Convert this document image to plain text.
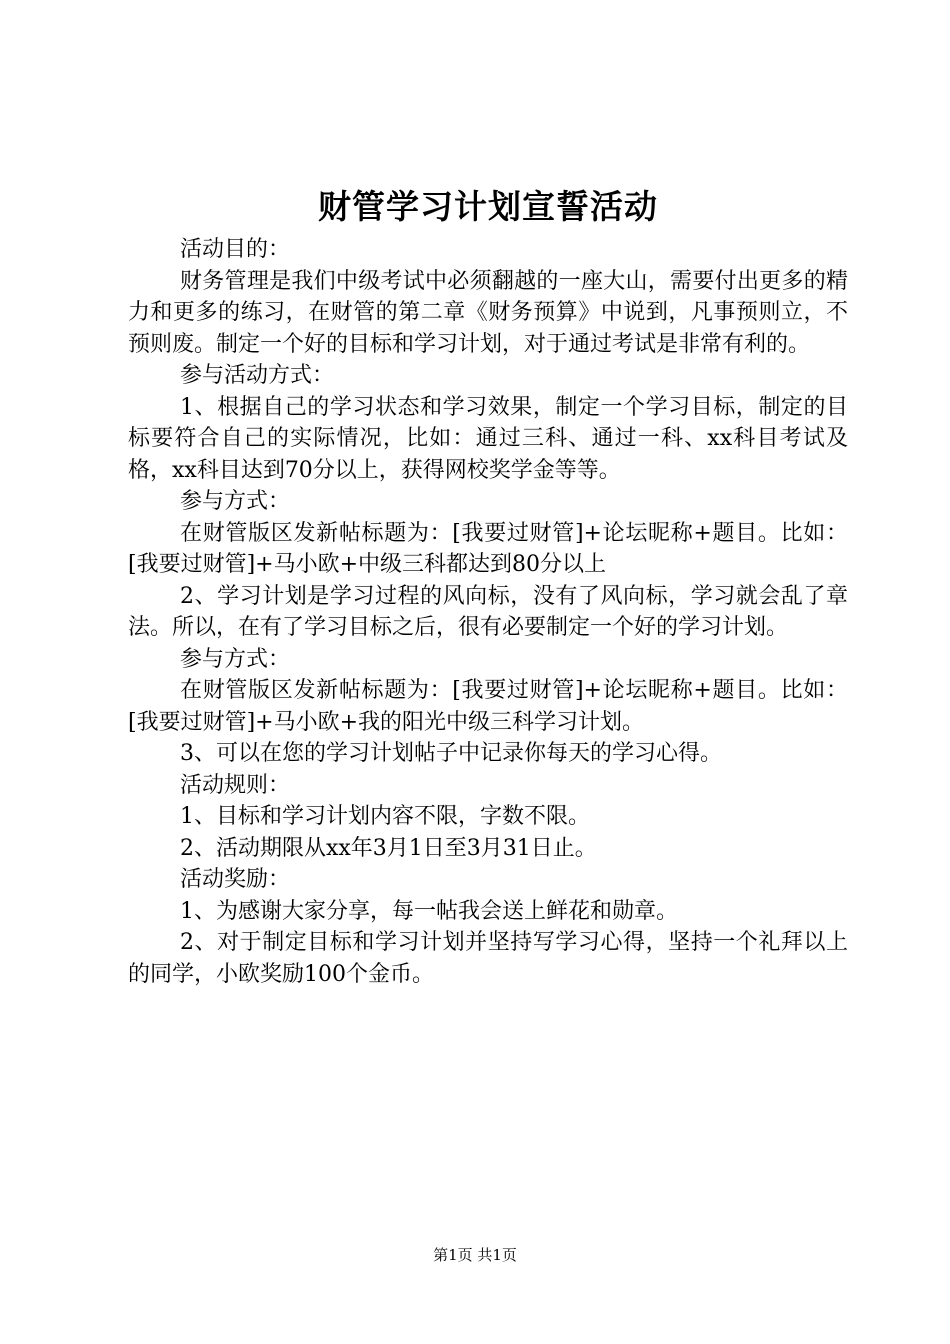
财管学习计划宣誓活动

活动目的：

财务管理是我们中级考试中必须翻越的一座大山，需要付出更多的精力和更多的练习，在财管的第二章《财务预算》中说到，凡事预则立，不预则废。制定一个好的目标和学习计划，对于通过考试是非常有利的。

参与活动方式：

1、根据自己的学习状态和学习效果，制定一个学习目标，制定的目标要符合自己的实际情况，比如：通过三科、通过一科、xx科目考试及格，xx科目达到70分以上，获得网校奖学金等等。

参与方式：

在财管版区发新帖标题为：[我要过财管]+论坛昵称+题目。比如：[我要过财管]+马小欧+中级三科都达到80分以上

2、学习计划是学习过程的风向标，没有了风向标，学习就会乱了章法。所以，在有了学习目标之后，很有必要制定一个好的学习计划。

参与方式：

在财管版区发新帖标题为：[我要过财管]+论坛昵称+题目。比如：[我要过财管]+马小欧+我的阳光中级三科学习计划。

3、可以在您的学习计划帖子中记录你每天的学习心得。

活动规则：

1、目标和学习计划内容不限，字数不限。

2、活动期限从xx年3月1日至3月31日止。

活动奖励：

1、为感谢大家分享，每一帖我会送上鲜花和勋章。

2、对于制定目标和学习计划并坚持写学习心得，坚持一个礼拜以上的同学，小欧奖励100个金币。

第1页 共1页
